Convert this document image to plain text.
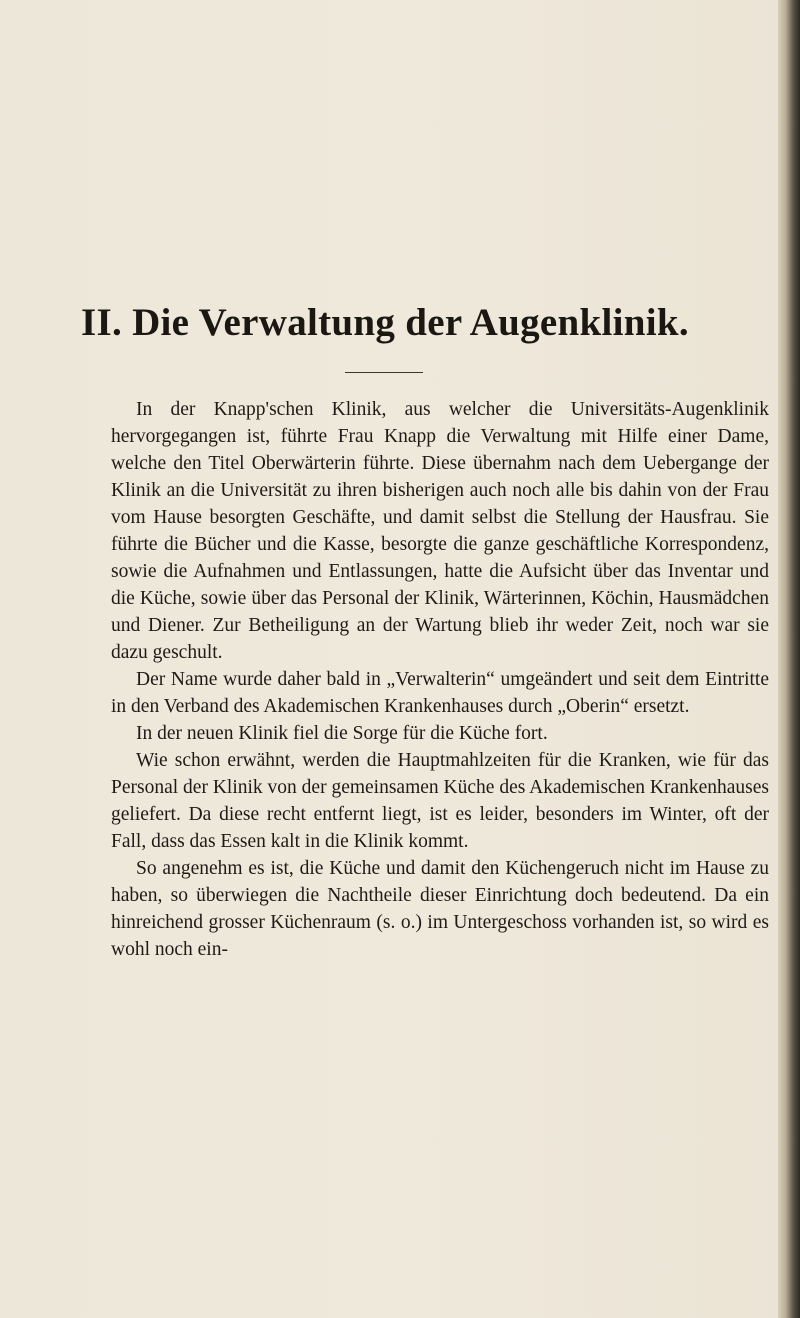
II. Die Verwaltung der Augenklinik.

In der Knapp'schen Klinik, aus welcher die Universitäts-Augenklinik hervorgegangen ist, führte Frau Knapp die Verwaltung mit Hilfe einer Dame, welche den Titel Oberwärterin führte. Diese übernahm nach dem Uebergange der Klinik an die Universität zu ihren bisherigen auch noch alle bis dahin von der Frau vom Hause besorgten Geschäfte, und damit selbst die Stellung der Hausfrau. Sie führte die Bücher und die Kasse, besorgte die ganze geschäftliche Korrespondenz, sowie die Aufnahmen und Entlassungen, hatte die Aufsicht über das Inventar und die Küche, sowie über das Personal der Klinik, Wärterinnen, Köchin, Hausmädchen und Diener. Zur Betheiligung an der Wartung blieb ihr weder Zeit, noch war sie dazu geschult.

Der Name wurde daher bald in „Verwalterin“ umgeändert und seit dem Eintritte in den Verband des Akademischen Krankenhauses durch „Oberin“ ersetzt.

In der neuen Klinik fiel die Sorge für die Küche fort.

Wie schon erwähnt, werden die Hauptmahlzeiten für die Kranken, wie für das Personal der Klinik von der gemeinsamen Küche des Akademischen Krankenhauses geliefert. Da diese recht entfernt liegt, ist es leider, besonders im Winter, oft der Fall, dass das Essen kalt in die Klinik kommt.

So angenehm es ist, die Küche und damit den Küchengeruch nicht im Hause zu haben, so überwiegen die Nachtheile dieser Einrichtung doch bedeutend. Da ein hinreichend grosser Küchenraum (s. o.) im Untergeschoss vorhanden ist, so wird es wohl noch ein-
